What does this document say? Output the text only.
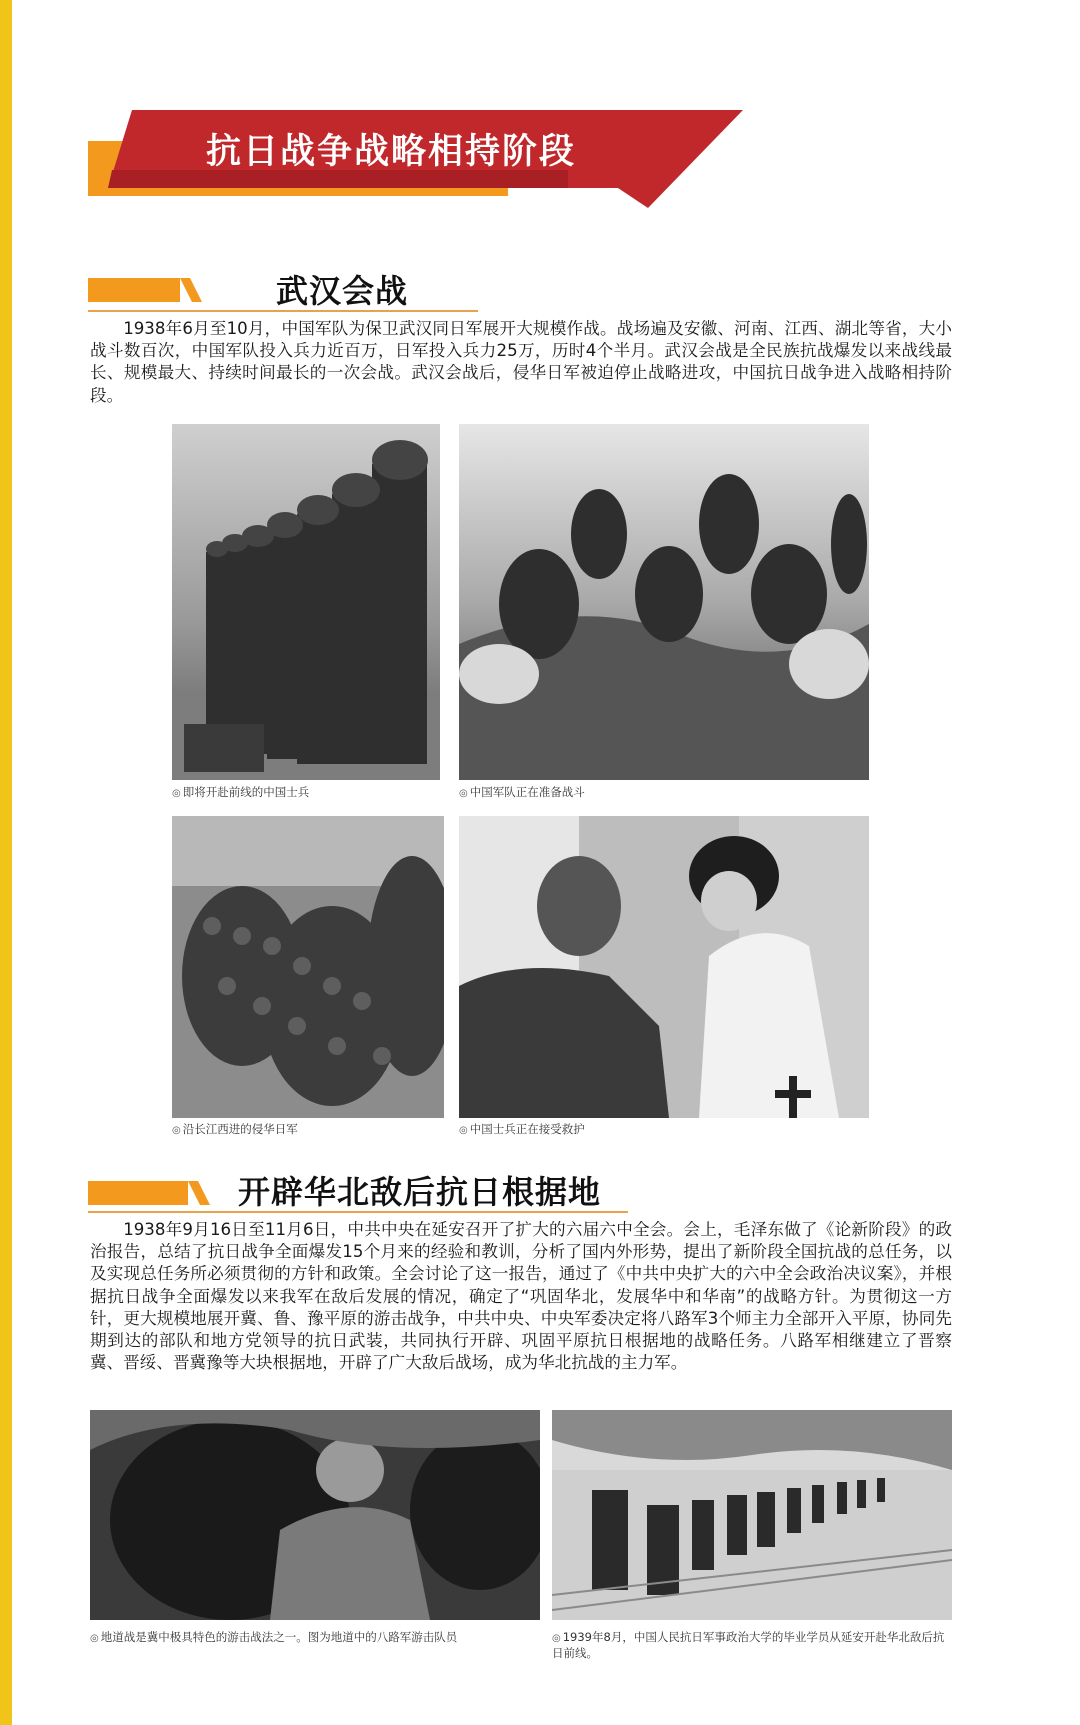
抗日战争战略相持阶段
武汉会战

1938年6月至10月，中国军队为保卫武汉同日军展开大规模作战。战场遍及安徽、河南、江西、湖北等省，大小战斗数百次，中国军队投入兵力近百万，日军投入兵力25万，历时4个半月。武汉会战是全民族抗战爆发以来战线最长、规模最大、持续时间最长的一次会战。武汉会战后，侵华日军被迫停止战略进攻，中国抗日战争进入战略相持阶段。

◎ 即将开赴前线的中国士兵	◎ 中国军队正在准备战斗

◎ 沿长江西进的侵华日军	◎ 中国士兵正在接受救护

开辟华北敌后抗日根据地

1938年9月16日至11月6日，中共中央在延安召开了扩大的六届六中全会。会上，毛泽东做了《论新阶段》的政治报告，总结了抗日战争全面爆发15个月来的经验和教训，分析了国内外形势，提出了新阶段全国抗战的总任务，以及实现总任务所必须贯彻的方针和政策。全会讨论了这一报告，通过了《中共中央扩大的六中全会政治决议案》，并根据抗日战争全面爆发以来我军在敌后发展的情况，确定了“巩固华北，发展华中和华南”的战略方针。为贯彻这一方针，更大规模地展开冀、鲁、豫平原的游击战争，中共中央、中央军委决定将八路军3个师主力全部开入平原，协同先期到达的部队和地方党领导的抗日武装，共同执行开辟、巩固平原抗日根据地的战略任务。八路军相继建立了晋察冀、晋绥、晋冀豫等大块根据地，开辟了广大敌后战场，成为华北抗战的主力军。

◎ 地道战是冀中极具特色的游击战法之一。图为地道中的八路军游击队员	◎ 1939年8月，中国人民抗日军事政治大学的毕业学员从延安开赴华北敌后抗日前线。
